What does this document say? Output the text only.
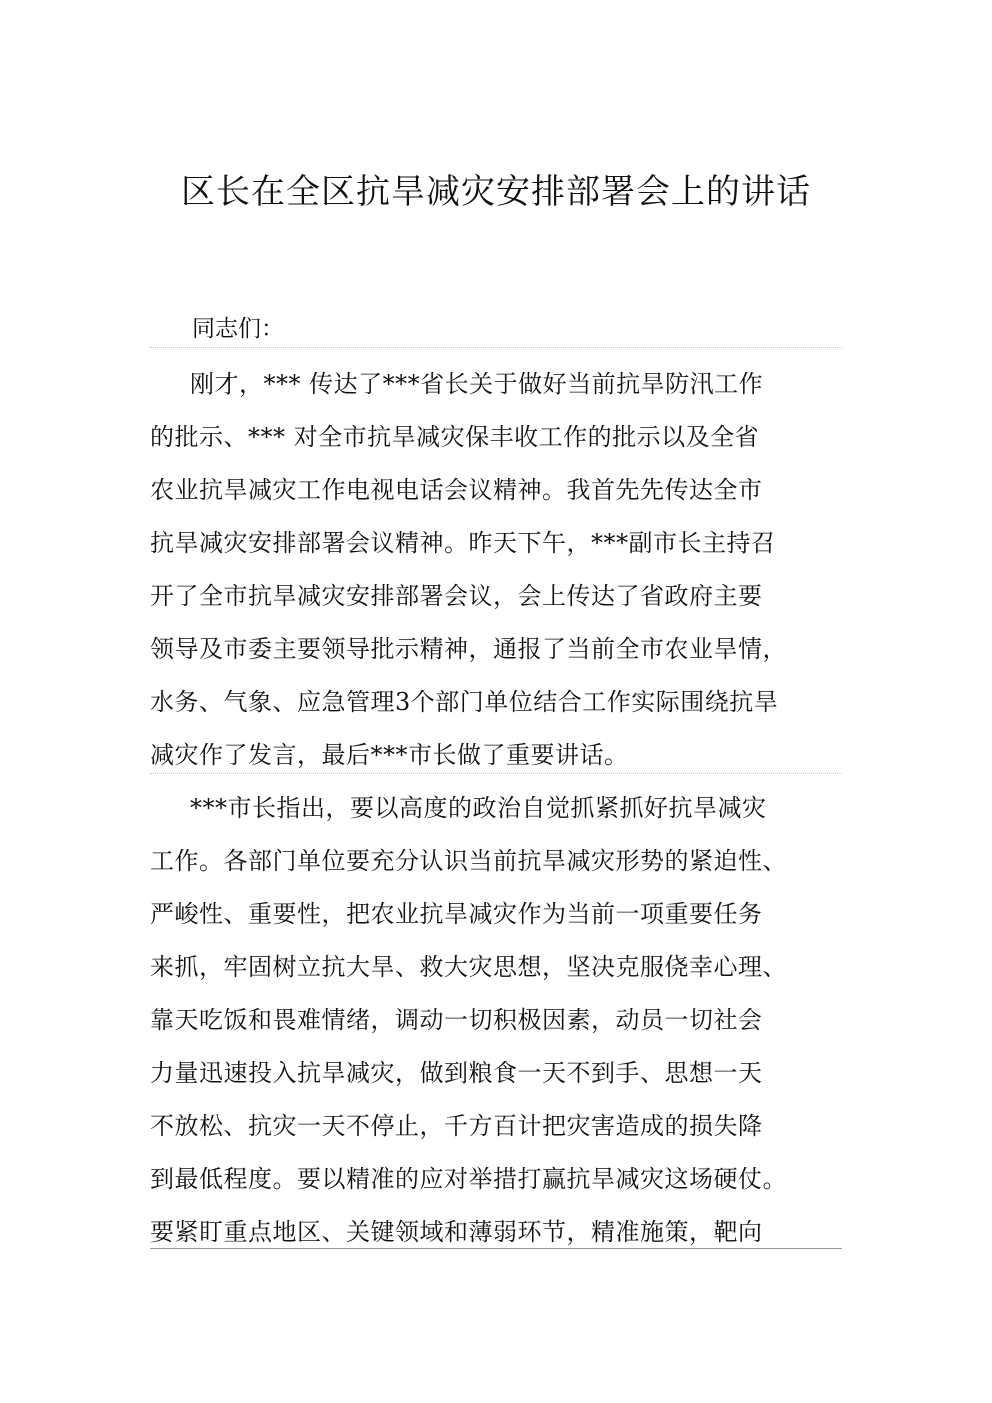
区长在全区抗旱减灾安排部署会上的讲话
同志们：
刚才，*** 传达了***省长关于做好当前抗旱防汛工作
的批示、*** 对全市抗旱减灾保丰收工作的批示以及全省
农业抗旱减灾工作电视电话会议精神。我首先先传达全市
抗旱减灾安排部署会议精神。昨天下午，***副市长主持召
开了全市抗旱减灾安排部署会议，会上传达了省政府主要
领导及市委主要领导批示精神，通报了当前全市农业旱情，
水务、气象、应急管理3个部门单位结合工作实际围绕抗旱
减灾作了发言，最后***市长做了重要讲话。
***市长指出，要以高度的政治自觉抓紧抓好抗旱减灾
工作。各部门单位要充分认识当前抗旱减灾形势的紧迫性、
严峻性、重要性，把农业抗旱减灾作为当前一项重要任务
来抓，牢固树立抗大旱、救大灾思想，坚决克服侥幸心理、
靠天吃饭和畏难情绪，调动一切积极因素，动员一切社会
力量迅速投入抗旱减灾，做到粮食一天不到手、思想一天
不放松、抗灾一天不停止，千方百计把灾害造成的损失降
到最低程度。要以精准的应对举措打赢抗旱减灾这场硬仗。
要紧盯重点地区、关键领域和薄弱环节，精准施策，靶向
